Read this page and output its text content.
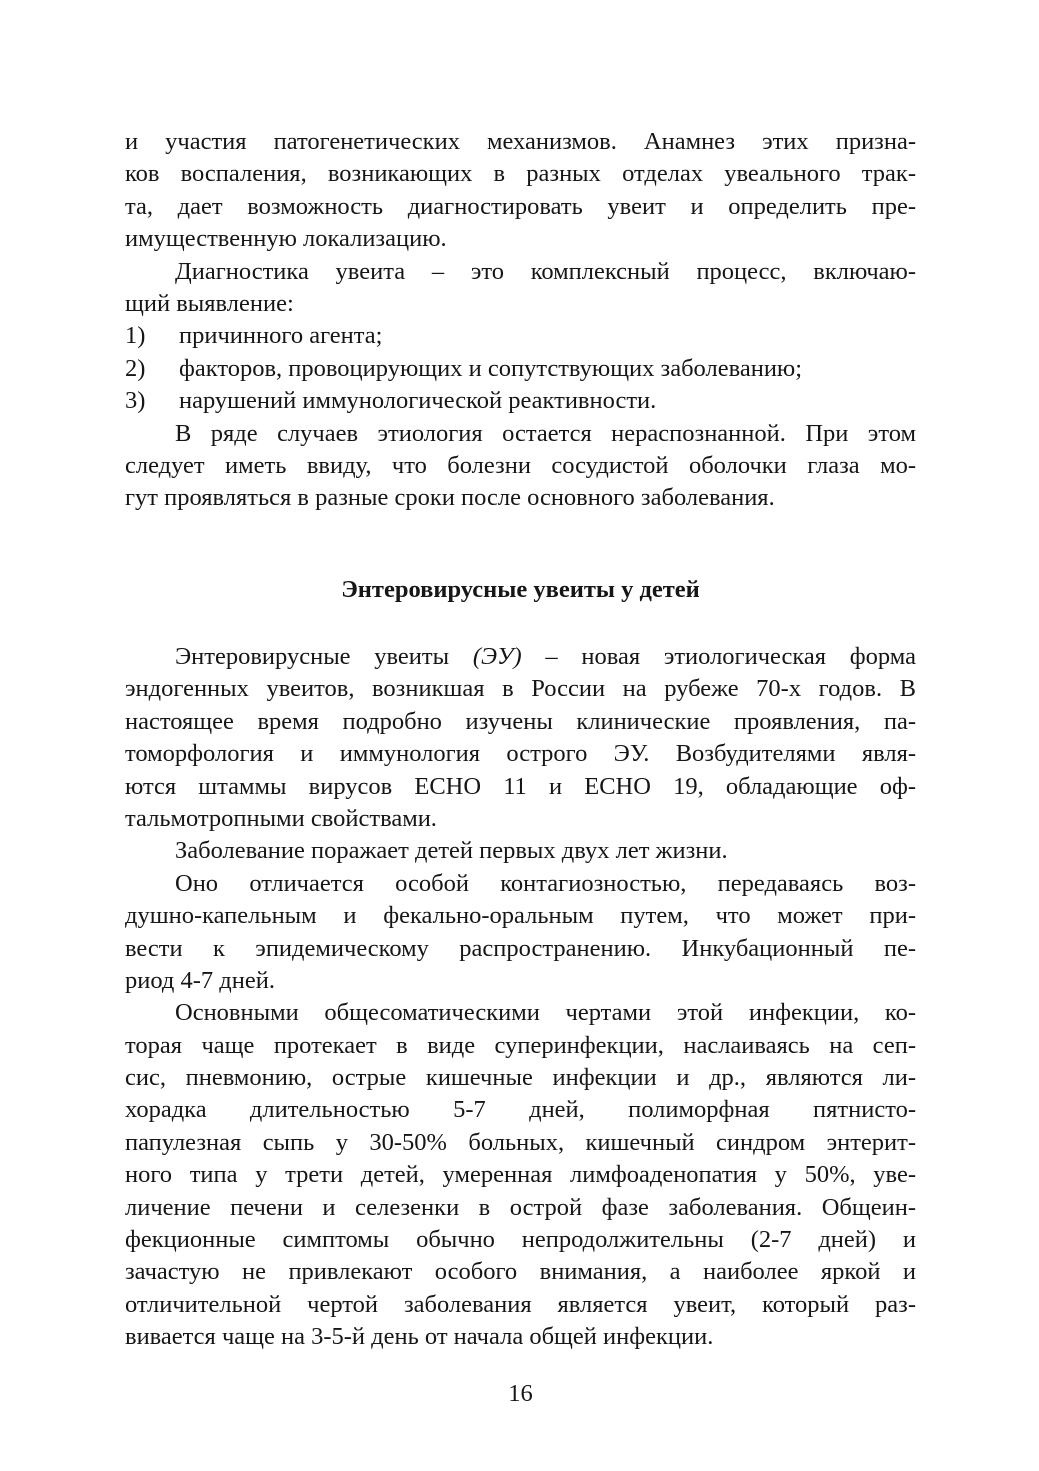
и участия патогенетических механизмов. Анамнез этих призна-
ков воспаления, возникающих в разных отделах увеального трак-
та, дает возможность диагностировать увеит и определить пре-
имущественную локализацию.
Диагностика увеита – это комплексный процесс, включаю-
щий выявление:
1) причинного агента;
2) факторов, провоцирующих и сопутствующих заболеванию;
3) нарушений иммунологической реактивности.
В ряде случаев этиология остается нераспознанной. При этом
следует иметь ввиду, что болезни сосудистой оболочки глаза мо-
гут проявляться в разные сроки после основного заболевания.
Энтеровирусные увеиты у детей
Энтеровирусные увеиты (ЭУ) – новая этиологическая форма
эндогенных увеитов, возникшая в России на рубеже 70-х годов. В
настоящее время подробно изучены клинические проявления, па-
томорфология и иммунология острого ЭУ. Возбудителями явля-
ются штаммы вирусов ЕСНО 11 и ЕСНО 19, обладающие оф-
тальмотропными свойствами.
Заболевание поражает детей первых двух лет жизни.
Оно отличается особой контагиозностью, передаваясь воз-
душно-капельным и фекально-оральным путем, что может при-
вести к эпидемическому распространению. Инкубационный пе-
риод 4-7 дней.
Основными общесоматическими чертами этой инфекции, ко-
торая чаще протекает в виде суперинфекции, наслаиваясь на сеп-
сис, пневмонию, острые кишечные инфекции и др., являются ли-
хорадка длительностью 5-7 дней, полиморфная пятнисто-
папулезная сыпь у 30-50% больных, кишечный синдром энтерит-
ного типа у трети детей, умеренная лимфоаденопатия у 50%, уве-
личение печени и селезенки в острой фазе заболевания. Общеин-
фекционные симптомы обычно непродолжительны (2-7 дней) и
зачастую не привлекают особого внимания, а наиболее яркой и
отличительной чертой заболевания является увеит, который раз-
вивается чаще на 3-5-й день от начала общей инфекции.
16
